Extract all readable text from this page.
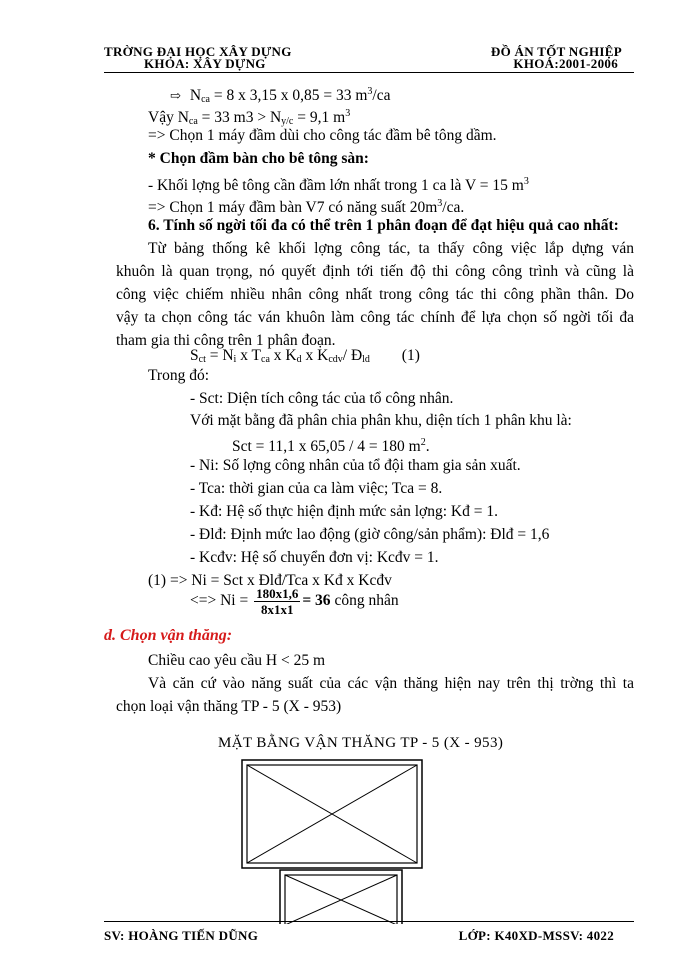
TRỜNG ĐẠI HỌC XÂY DỰNG
KHOA: XÂY DỰNG
ĐỒ ÁN TỐT NGHIỆP
KHOÁ:2001-2006
⇨ $N_{ca} = 8$ x 3,15 x 0,85 = 33 $m^3/ca$
Vậy $N_{ca} = 33$ $m3 > N_{y/c} = 9,1$ $m^3$
=> Chọn 1 máy đầm dùi cho công tác đầm bê tông dầm.
* Chọn đầm bàn cho bê tông sàn:
- Khối lợng bê tông cần đầm lớn nhất trong 1 ca là V = 15 $m^3$
=> Chọn 1 máy đầm bàn V7 có năng suất $20m^3/ca$.
6. Tính số ngời tối đa có thể trên 1 phân đoạn để đạt hiệu quả cao nhất:
Từ bảng thống kê khối lợng công tác, ta thấy công việc lắp dựng ván
khuôn là quan trọng, nó quyết định tới tiến độ thi công công trình và cũng là
công việc chiếm nhiều nhân công nhất trong công tác thi công phần thân. Do
vậy ta chọn công tác ván khuôn làm công tác chính để lựa chọn số ngời tối đa
tham gia thi công trên 1 phân đoạn.
$S_{ct} = N_i$ x $T_{ca}$ x $K_d$ x $K_{cdv}/$ $Đ_{ld}$ (1)
Trong đó:
- Sct: Diện tích công tác của tổ công nhân.
Với mặt bằng đã phân chia phân khu, diện tích 1 phân khu là:
Sct = 11,1 x 65,05 / 4 = 180 $m^2$.
- Ni: Số lợng công nhân của tổ đội tham gia sản xuất.
- Tca: thời gian của ca làm việc; Tca = 8.
- Kđ: Hệ số thực hiện định mức sản lợng: Kđ = 1.
- Đlđ: Định mức lao động (giờ công/sản phẩm): Đlđ = 1,6
- Kcđv: Hệ số chuyển đơn vị: Kcđv = 1.
(1) => Ni = Sct x Đlđ/Tca x Kđ x Kcđv
<=> $Ni = \frac{180x1,6}{8x1x1} = 36$ công nhân
d. Chọn vận thăng:
Chiều cao yêu cầu H < 25 m
Và căn cứ vào năng suất của các vận thăng hiện nay trên thị trờng thì ta
chọn loại vận thăng TP - 5 (X - 953)
MẶT BẰNG VẬN THĂNG TP - 5 (X - 953)
SV: HOÀNG TIẾN DŨNG	LỚP: K40XD-MSSV: 4022
